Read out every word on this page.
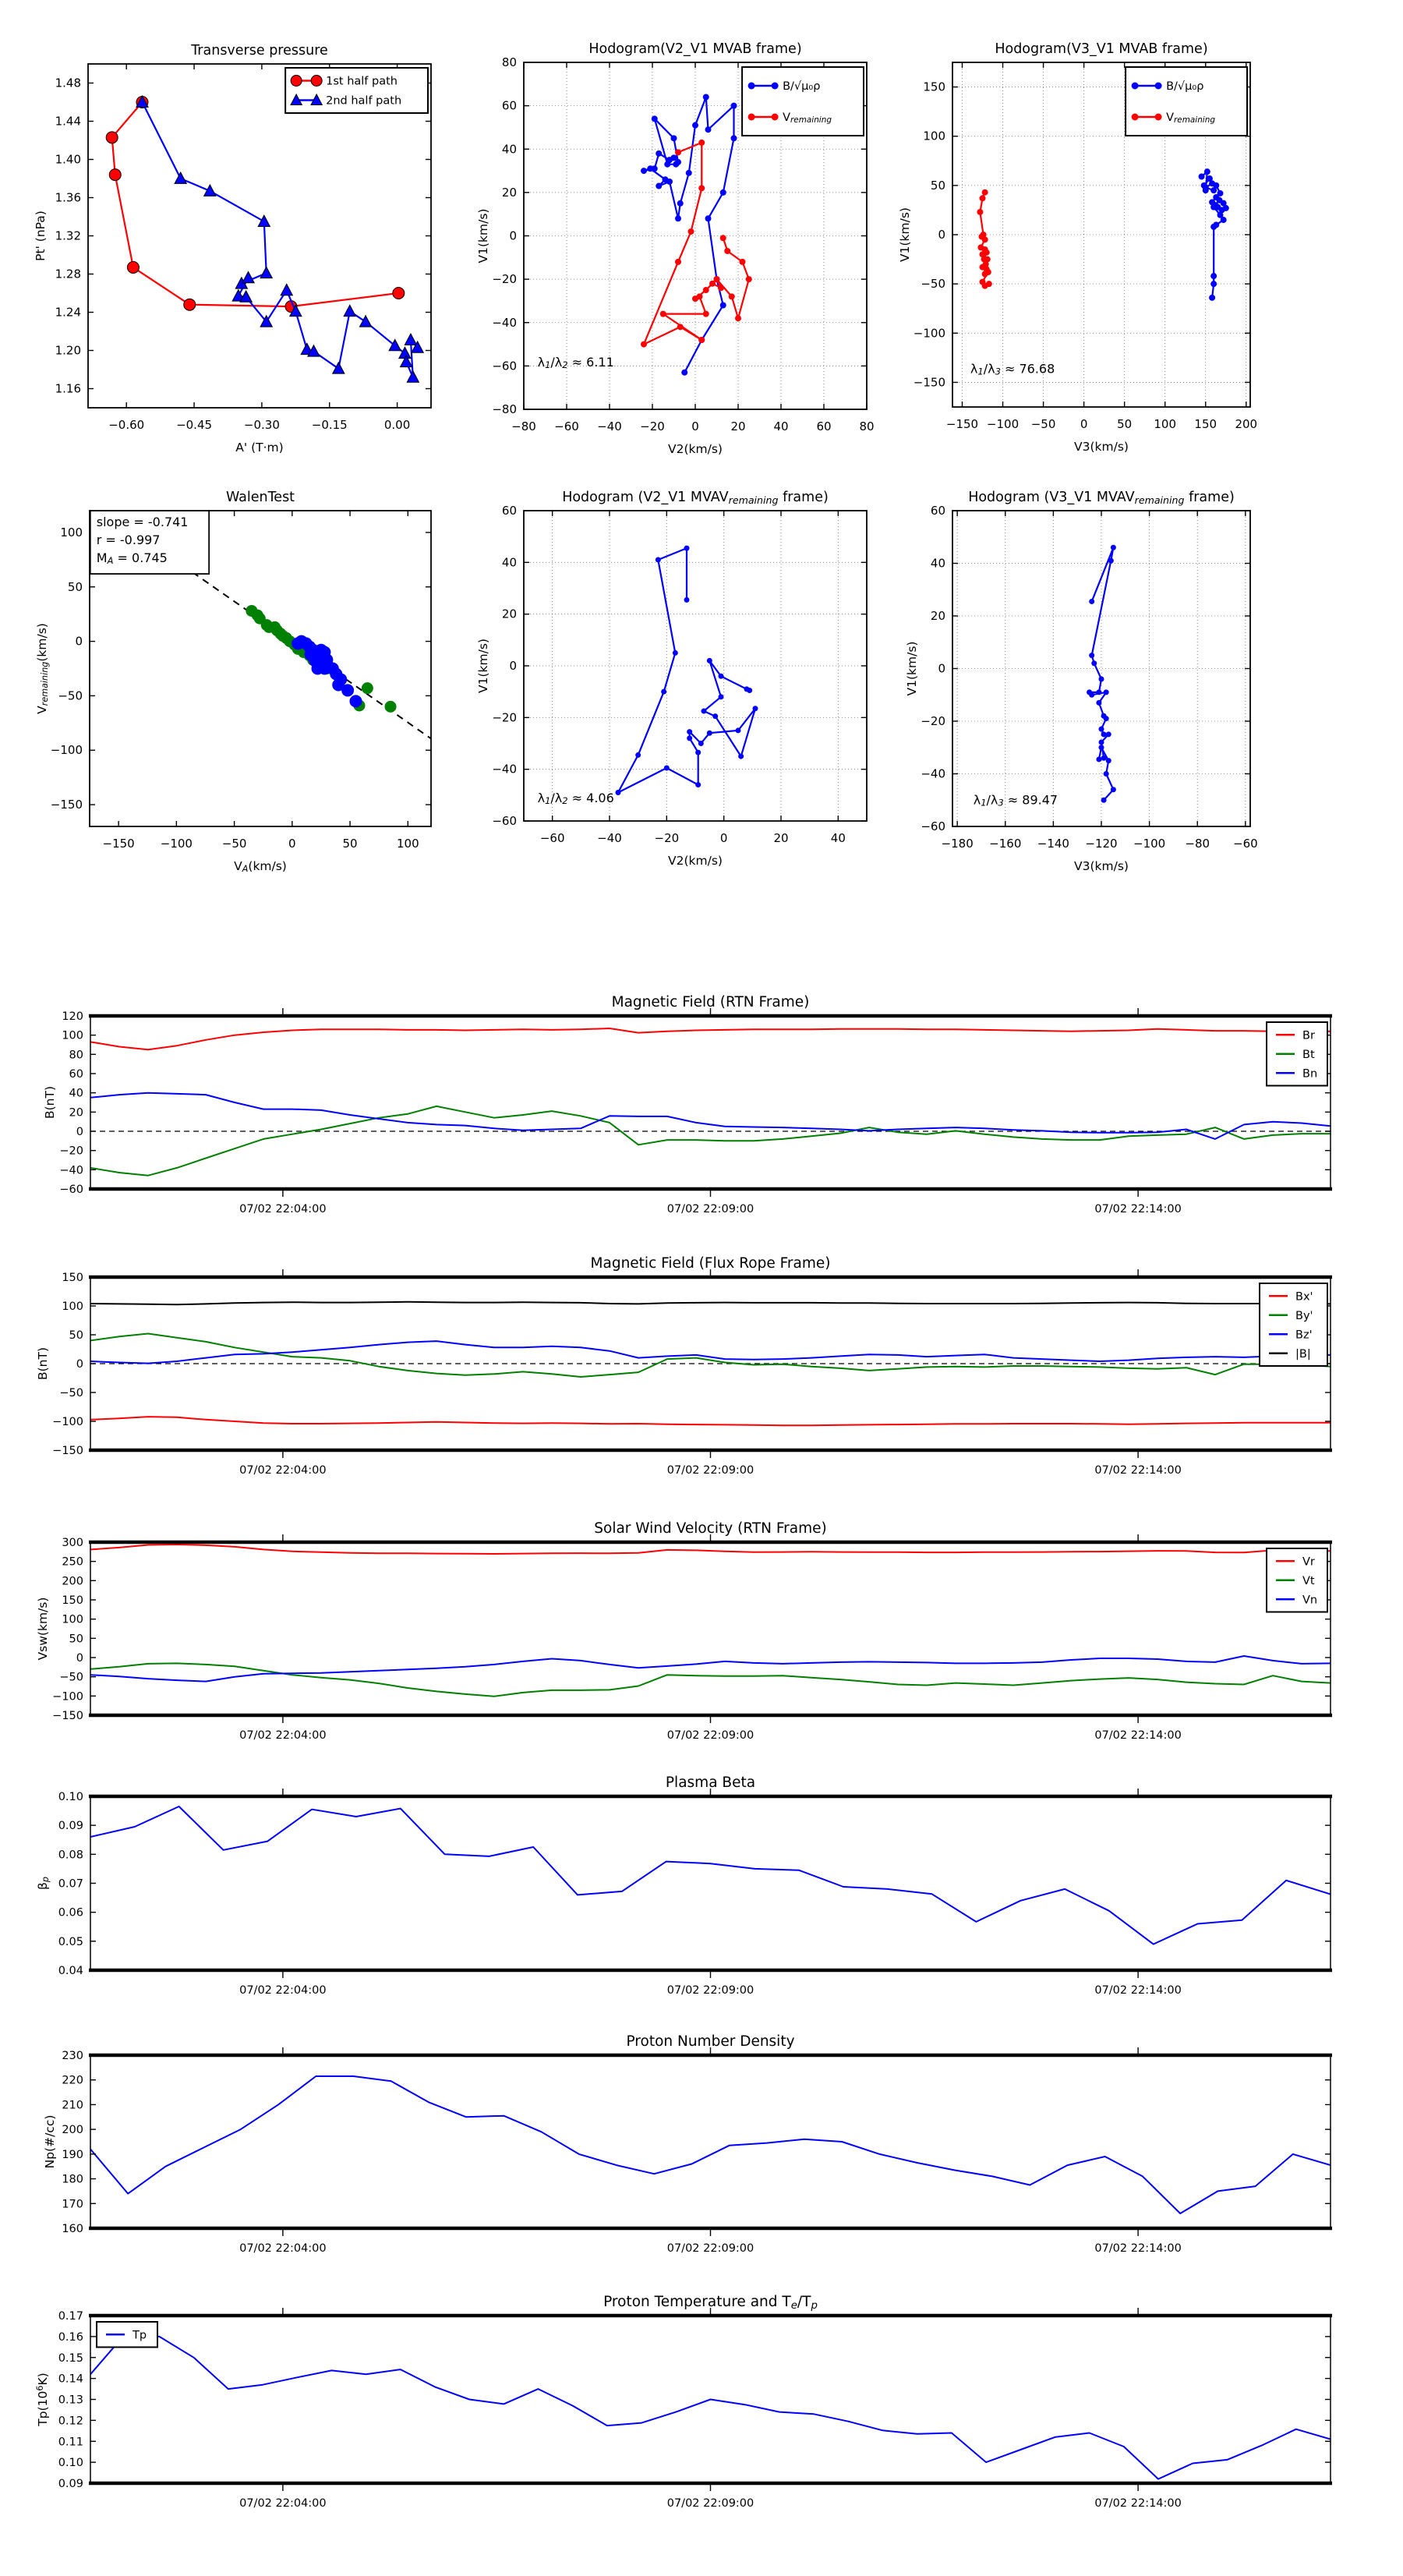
−0.60	−0.45	−0.30	−0.15	0.00
1.16
1.20
1.24
1.28
1.32
1.36
1.40
1.44
1.48
Transverse pressure
A' (T·m)
Pt' (nPa)
1st half path
2nd half path
−80 −60 −40 −20 0	20 40 60 80
−80
−60
−40
−20
0
20
40
60
80
Hodogram(V2_V1 MVAB frame)
V2(km/s)
V1(km/s)
B/√μ₀ρ
Vremaining
λ1/λ2 ≈ 6.11
−150 −100 −50 0	50 100 150 200
−150
−100
−50
0
50
100
150
Hodogram(V3_V1 MVAB frame)
V3(km/s)
V1(km/s)
B/√μ₀ρ
Vremaining
λ1/λ3 ≈ 76.68
−150 −100	−50	0	50	100
−150
−100
−50
0
50
100
WalenTest
VA(km/s)
Vremaining(km/s)
slope = -0.741
r = -0.997
MA = 0.745
−60	−40	−20	0	20	40
−60
−40
−20
0
20
40
60
Hodogram (V2_V1 MVAVremaining frame)
V2(km/s)
V1(km/s)
λ1/λ2 ≈ 4.06
−180 −160 −140 −120 −100 −80 −60
−60
−40
−20
0
20
40
60
Hodogram (V3_V1 MVAVremaining frame)
V3(km/s)
V1(km/s)
λ1/λ3 ≈ 89.47
07/02 22:04:00	07/02 22:09:00	07/02 22:14:00
−60
−40
−20
0
20
40
60
80
100
120
Magnetic Field (RTN Frame)
B(nT)
Br
Bt
Bn
07/02 22:04:00	07/02 22:09:00	07/02 22:14:00
−150
−100
−50
0
50
100
150
Magnetic Field (Flux Rope Frame)
B(nT)
Bx'
By'
Bz'
|B|
07/02 22:04:00	07/02 22:09:00	07/02 22:14:00
−150
−100
−50
0
50
100
150
200
250
300
Solar Wind Velocity (RTN Frame)
Vsw(km/s)
Vr
Vt
Vn
07/02 22:04:00	07/02 22:09:00	07/02 22:14:00
0.04
0.05
0.06
0.07
0.08
0.09
0.10
Plasma Beta
βp
07/02 22:04:00	07/02 22:09:00	07/02 22:14:00
160
170
180
190
200
210
220
230
Proton Number Density
Np(#/cc)
07/02 22:04:00	07/02 22:09:00	07/02 22:14:00
0.09
0.10
0.11
0.12
0.13
0.14
0.15
0.16
0.17
Proton Temperature and Te/Tp
Tp(106K)
Tp
